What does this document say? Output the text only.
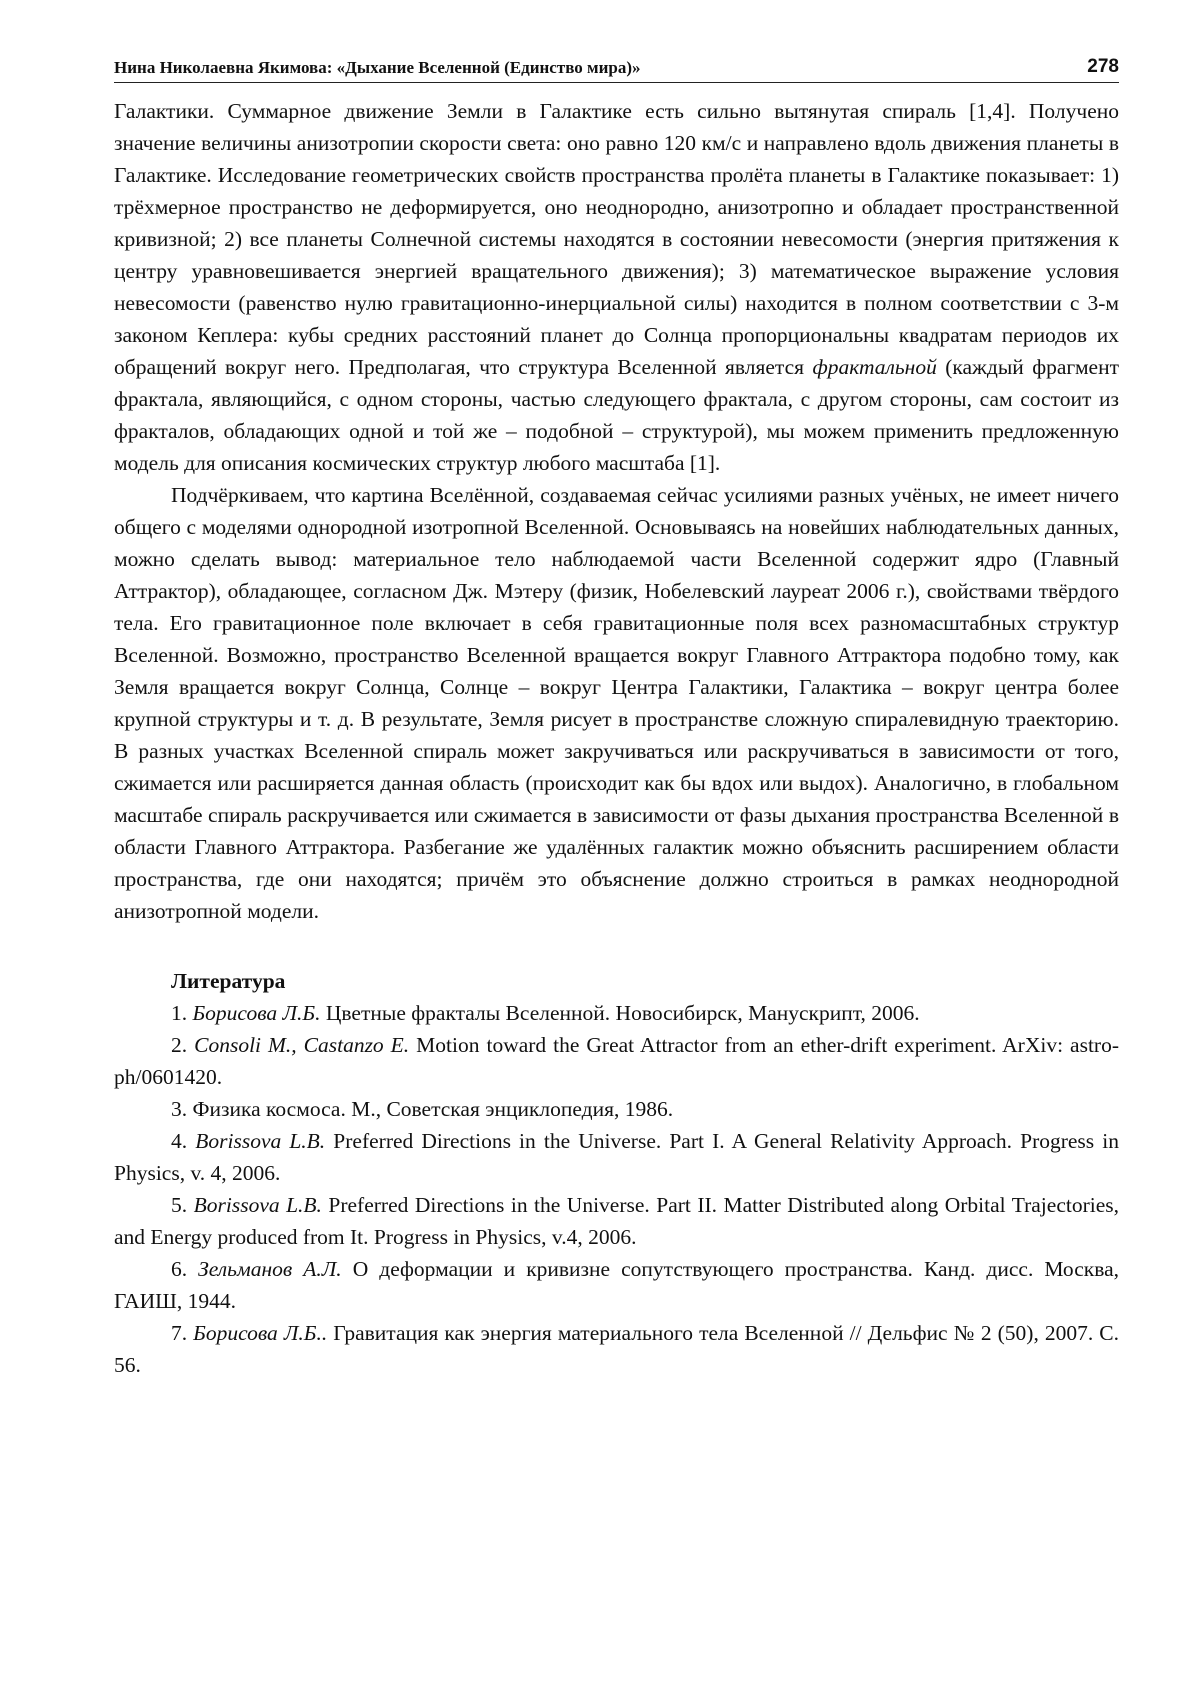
Нина Николаевна Якимова: «Дыхание Вселенной (Единство мира)»	278

Галактики. Суммарное движение Земли в Галактике есть сильно вытянутая спираль [1,4]. Получено значение величины анизотропии скорости света: оно равно 120 км/с и направлено вдоль движения планеты в Галактике. Исследование геометрических свойств пространства пролёта планеты в Галактике показывает: 1) трёхмерное пространство не деформируется, оно неоднородно, анизотропно и обладает пространственной кривизной; 2) все планеты Солнечной системы находятся в состоянии невесомости (энергия притяжения к центру уравновешивается энергией вращательного движения); 3) математическое выражение условия невесомости (равенство нулю гравитационно-инерциальной силы) находится в полном соответствии с 3-м законом Кеплера: кубы средних расстояний планет до Солнца пропорциональны квадратам периодов их обращений вокруг него. Предполагая, что структура Вселенной является фрактальной (каждый фрагмент фрактала, являющийся, с одном стороны, частью следующего фрактала, с другом стороны, сам состоит из фракталов, обладающих одной и той же – подобной – структурой), мы можем применить предложенную модель для описания космических структур любого масштаба [1].

Подчёркиваем, что картина Вселённой, создаваемая сейчас усилиями разных учёных, не имеет ничего общего с моделями однородной изотропной Вселенной. Основываясь на новейших наблюдательных данных, можно сделать вывод: материальное тело наблюдаемой части Вселенной содержит ядро (Главный Аттрактор), обладающее, согласном Дж. Мэтеру (физик, Нобелевский лауреат 2006 г.), свойствами твёрдого тела. Его гравитационное поле включает в себя гравитационные поля всех разномасштабных структур Вселенной. Возможно, пространство Вселенной вращается вокруг Главного Аттрактора подобно тому, как Земля вращается вокруг Солнца, Солнце – вокруг Центра Галактики, Галактика – вокруг центра более крупной структуры и т. д. В результате, Земля рисует в пространстве сложную спиралевидную траекторию. В разных участках Вселенной спираль может закручиваться или раскручиваться в зависимости от того, сжимается или расширяется данная область (происходит как бы вдох или выдох). Аналогично, в глобальном масштабе спираль раскручивается или сжимается в зависимости от фазы дыхания пространства Вселенной в области Главного Аттрактора. Разбегание же удалённых галактик можно объяснить расширением области пространства, где они находятся; причём это объяснение должно строиться в рамках неоднородной анизотропной модели.

Литература

1. Борисова Л.Б. Цветные фракталы Вселенной. Новосибирск, Манускрипт, 2006.

2. Consoli M., Castanzo E. Motion toward the Great Attractor from an ether-drift experiment. ArXiv: astro-ph/0601420.

3. Физика космоса. М., Советская энциклопедия, 1986.

4. Borissova L.B. Preferred Directions in the Universe. Part I. A General Relativity Approach. Progress in Physics, v. 4, 2006.

5. Borissova L.B. Preferred Directions in the Universe. Part II. Matter Distributed along Orbital Trajectories, and Energy produced from It. Progress in Physics, v.4, 2006.

6. Зельманов А.Л. О деформации и кривизне сопутствующего пространства. Канд. дисс. Москва, ГАИШ, 1944.

7. Борисова Л.Б.. Гравитация как энергия материального тела Вселенной // Дельфис № 2 (50), 2007. С. 56.
